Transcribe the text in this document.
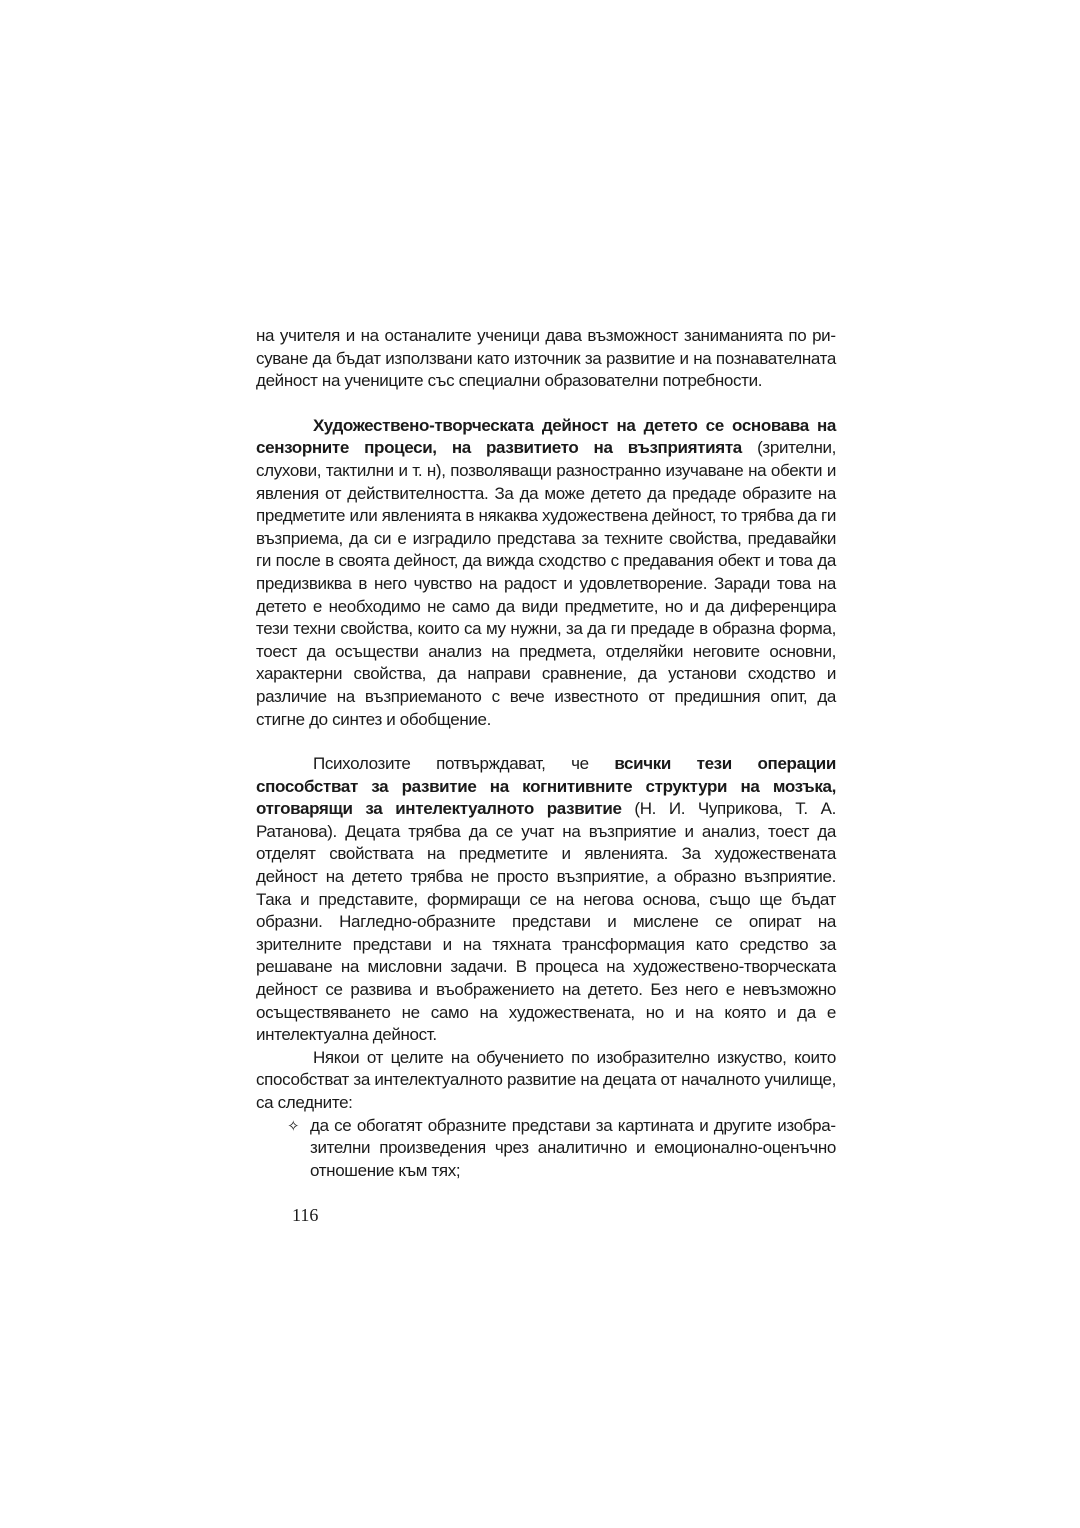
на учителя и на останалите ученици дава възможност заниманията по рисуване да бъдат използвани като източник за развитие и на познавателната дейност на учениците със специални образователни потребности.

Художествено-творческата дейност на детето се основава на сензорните процеси, на развитието на възприятията (зрителни, слухови, тактилни и т. н), позволяващи разностранно изучаване на обекти и явления от действителността. За да може детето да предаде образите на предметите или явленията в някаква художествена дейност, то трябва да ги възприема, да си е изградило представа за техните свойства, предавайки ги после в своята дейност, да вижда сходство с предавания обект и това да предизвиква в него чувство на радост и удовлетворение. Заради това на детето е необходимо не само да види предметите, но и да диференцира тези техни свойства, които са му нужни, за да ги предаде в образна форма, тоест да осъществи анализ на предмета, отделяйки неговите основни, характерни свойства, да направи сравнение, да установи сходство и различие на възприеманото с вече известното от предишния опит, да стигне до синтез и обобщение.

Психолозите потвърждават, че всички тези операции способстват за развитие на когнитивните структури на мозъка, отговарящи за интелектуалното развитие (Н. И. Чуприкова, Т. А. Ратанова). Децата трябва да се учат на възприятие и анализ, тоест да отделят свойствата на предметите и явленията. За художествената дейност на детето трябва не просто възприятие, а образно възприятие. Така и представите, формиращи се на негова основа, също ще бъдат образни. Нагледно-образните представи и мислене се опират на зрителните представи и на тяхната трансформация като средство за решаване на мисловни задачи. В процеса на художествено-творческата дейност се развива и въображението на детето. Без него е невъзможно осъществяването не само на художествената, но и на която и да е интелектуална дейност.

Някои от целите на обучението по изобразително изкуство, които способстват за интелектуалното развитие на децата от началното училище, са следните:

✧ да се обогатят образните представи за картината и другите изобразителни произведения чрез аналитично и емоционално-оценъчно отношение към тях;
116
